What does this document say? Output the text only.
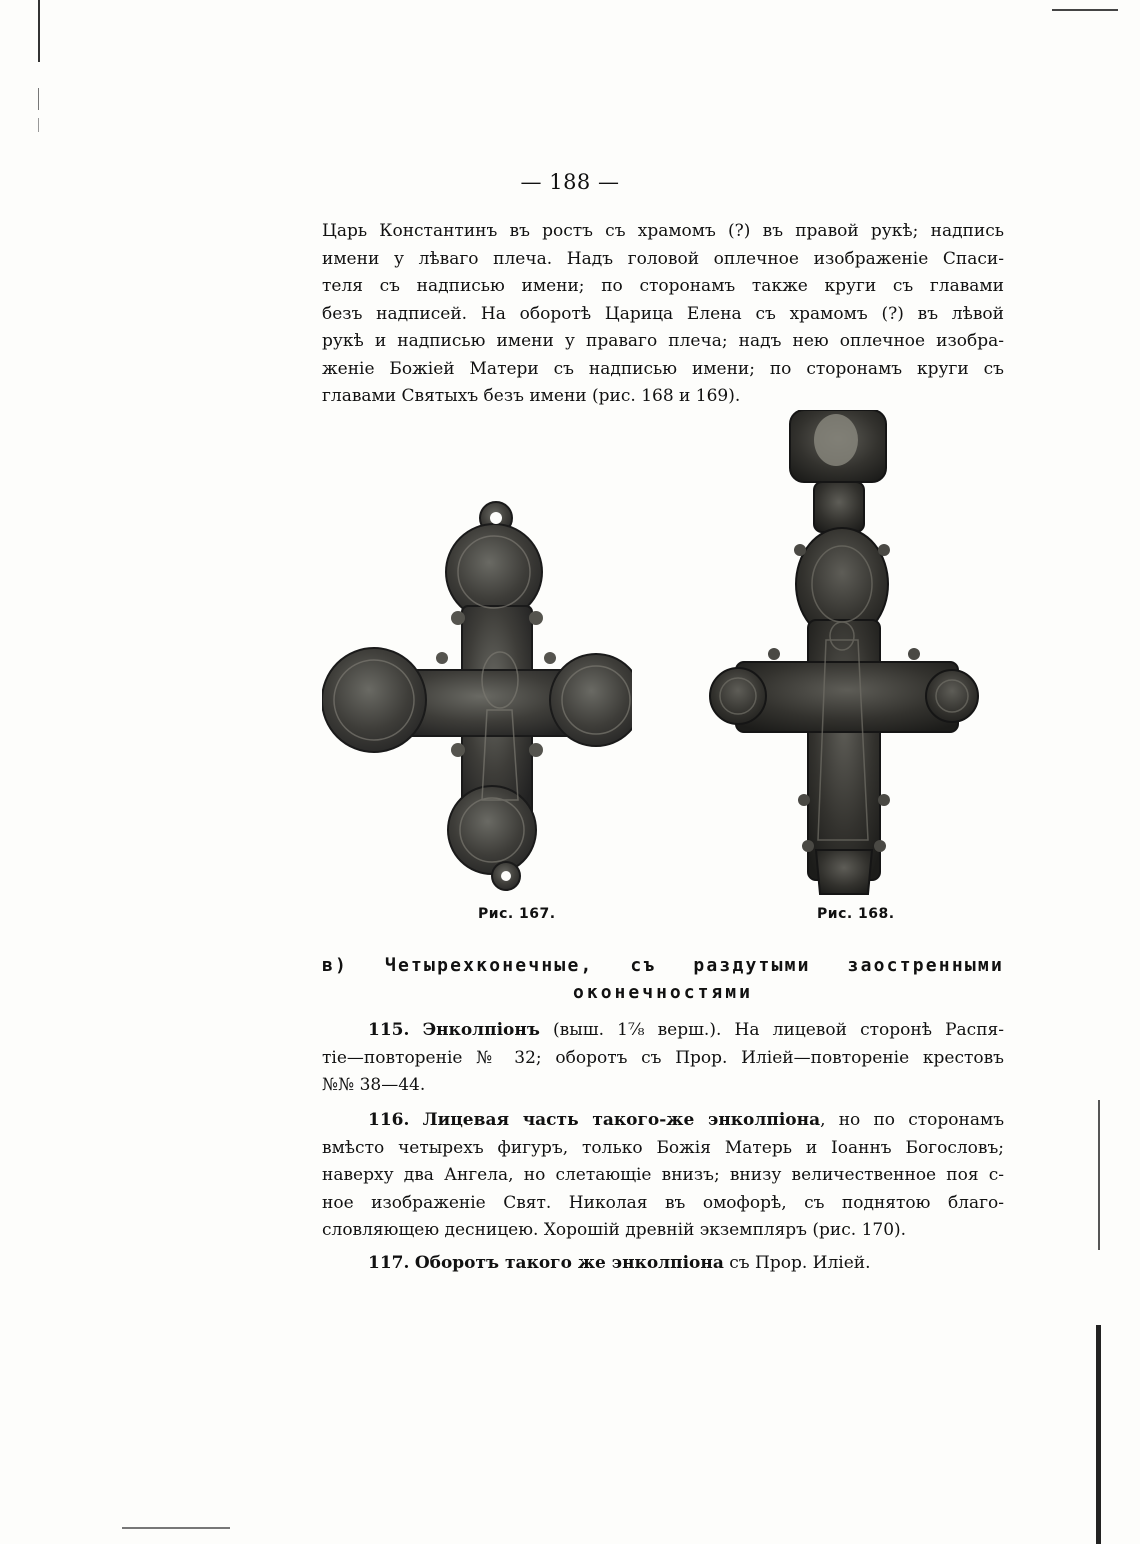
— 188 —
Царь Константинъ въ ростъ съ храмомъ (?) въ правой рукѣ; надпись
имени у лѣваго плеча. Надъ головой оплечное изображеніе Спаси-
теля съ надписью имени; по сторонамъ также круги съ главами
безъ надписей. На оборотѣ Царица Елена съ храмомъ (?) въ лѣвой
рукѣ и надписью имени у праваго плеча; надъ нею оплечное изобра-
женіе Божіей Матери съ надписью имени; по сторонамъ круги съ
главами Святыхъ безъ имени (рис. 168 и 169).
Рис. 167.	Рис. 168.
в) Четырехконечные, съ раздутыми заостренными
оконечностями
115. Энколпіонъ (выш. 1⅞ верш.). На лицевой сторонѣ Распя-
тіе—повтореніе № 32; оборотъ съ Прор. Иліей—повтореніе крестовъ
№№ 38—44.
116. Лицевая часть такого-же энколпіона, но по сторонамъ
вмѣсто четырехъ фигуръ, только Божія Матерь и Іоаннъ Богословъ;
наверху два Ангела, но слетающіе внизъ; внизу величественное поя с-
ное изображеніе Свят. Николая въ омофорѣ, съ поднятою благо-
словляющею десницею. Хорошій древній экземпляръ (рис. 170).
117. Оборотъ такого же энколпіона съ Прор. Иліей.
